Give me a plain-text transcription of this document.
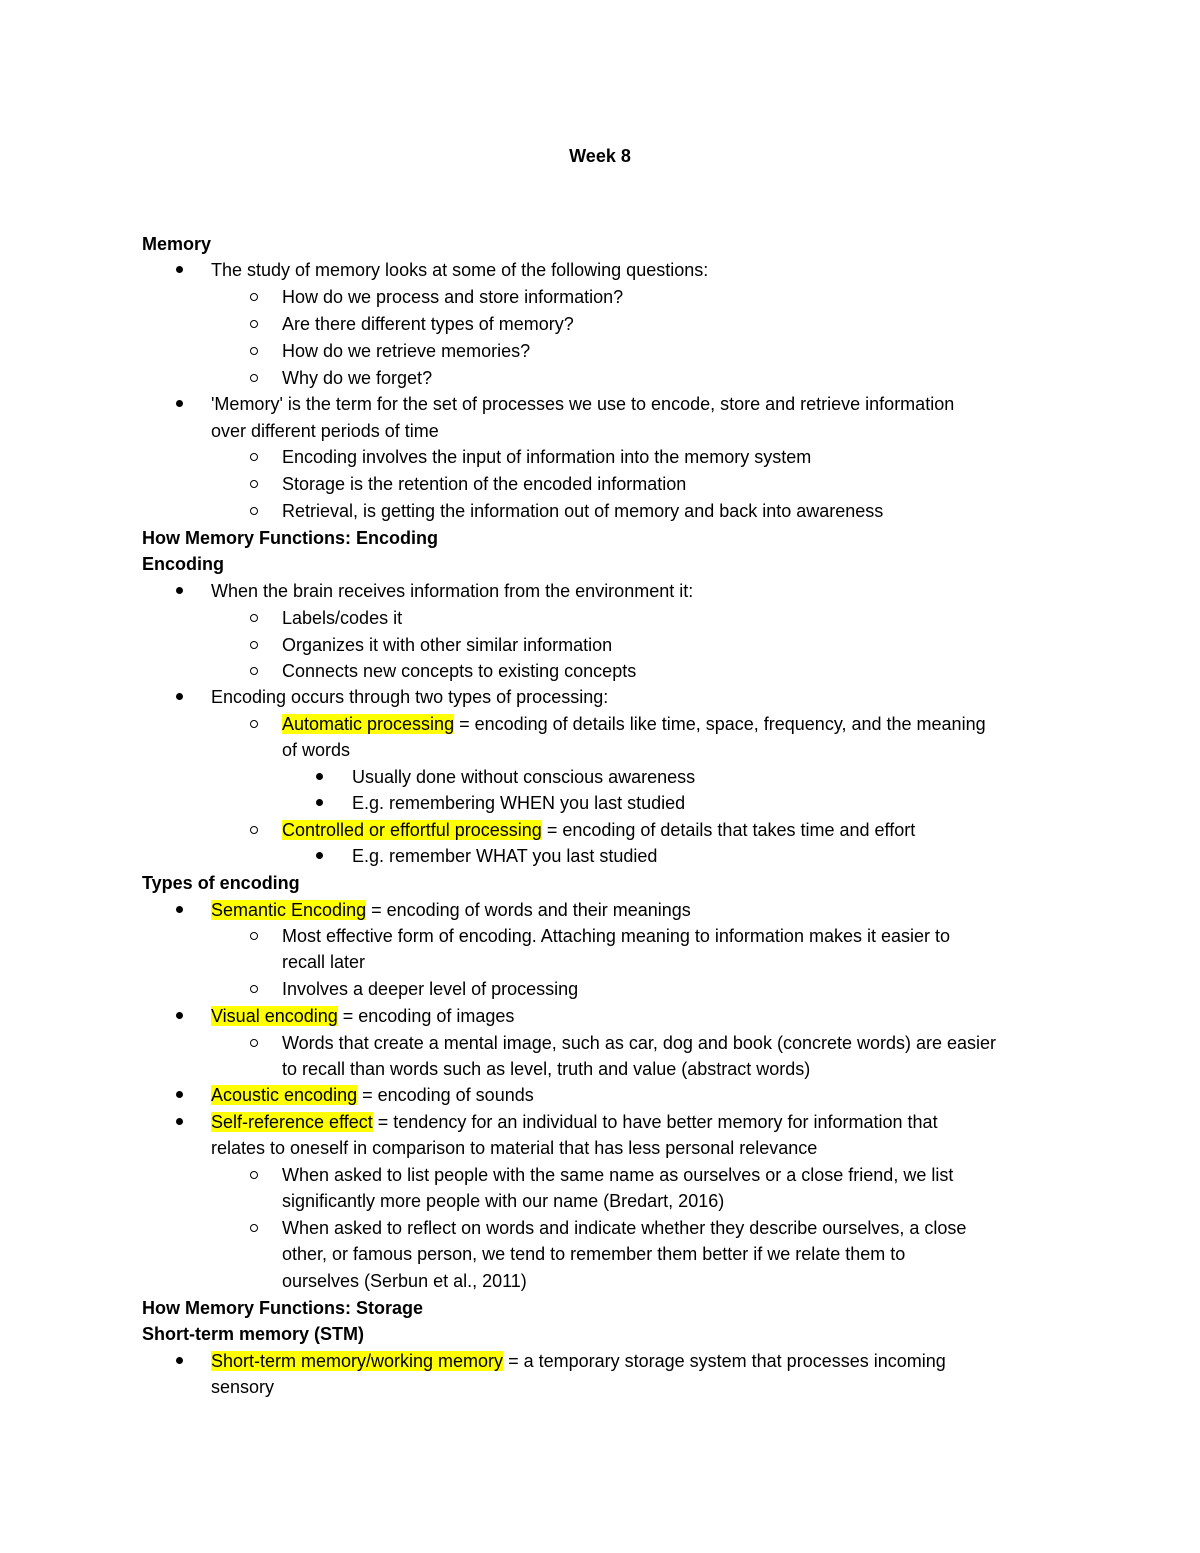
Week 8
Memory
The study of memory looks at some of the following questions:
How do we process and store information?
Are there different types of memory?
How do we retrieve memories?
Why do we forget?
'Memory' is the term for the set of processes we use to encode, store and retrieve information
over different periods of time
Encoding involves the input of information into the memory system
Storage is the retention of the encoded information
Retrieval, is getting the information out of memory and back into awareness
How Memory Functions: Encoding
Encoding
When the brain receives information from the environment it:
Labels/codes it
Organizes it with other similar information
Connects new concepts to existing concepts
Encoding occurs through two types of processing:
Automatic processing = encoding of details like time, space, frequency, and the meaning
of words
Usually done without conscious awareness
E.g. remembering WHEN you last studied
Controlled or effortful processing = encoding of details that takes time and effort
E.g. remember WHAT you last studied
Types of encoding
Semantic Encoding = encoding of words and their meanings
Most effective form of encoding. Attaching meaning to information makes it easier to
recall later
Involves a deeper level of processing
Visual encoding = encoding of images
Words that create a mental image, such as car, dog and book (concrete words) are easier
to recall than words such as level, truth and value (abstract words)
Acoustic encoding = encoding of sounds
Self-reference effect = tendency for an individual to have better memory for information that
relates to oneself in comparison to material that has less personal relevance
When asked to list people with the same name as ourselves or a close friend, we list
significantly more people with our name (Bredart, 2016)
When asked to reflect on words and indicate whether they describe ourselves, a close
other, or famous person, we tend to remember them better if we relate them to
ourselves (Serbun et al., 2011)
How Memory Functions: Storage
Short-term memory (STM)
Short-term memory/working memory = a temporary storage system that processes incoming
sensory
